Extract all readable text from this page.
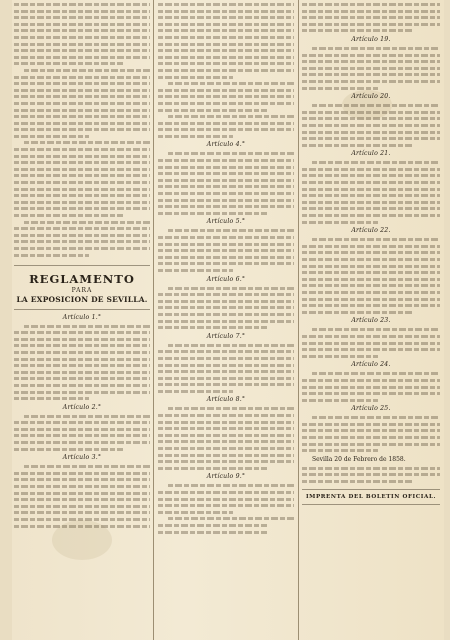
REGLAMENTO
PARA
LA EXPOSICION DE SEVILLA.
Artículo 1.°
Artículo 2.°
Artículo 3.°
Artículo 4.°
Artículo 5.°
Artículo 6.°
Artículo 7.°
Artículo 8.°
Artículo 9.°
Artículo 19.
Artículo 20.
Artículo 21.
Artículo 22.
Artículo 23.
Artículo 24.
Artículo 25.
Sevilla 20 de Febrero de 1858.
IMPRENTA DEL BOLETIN OFICIAL.
